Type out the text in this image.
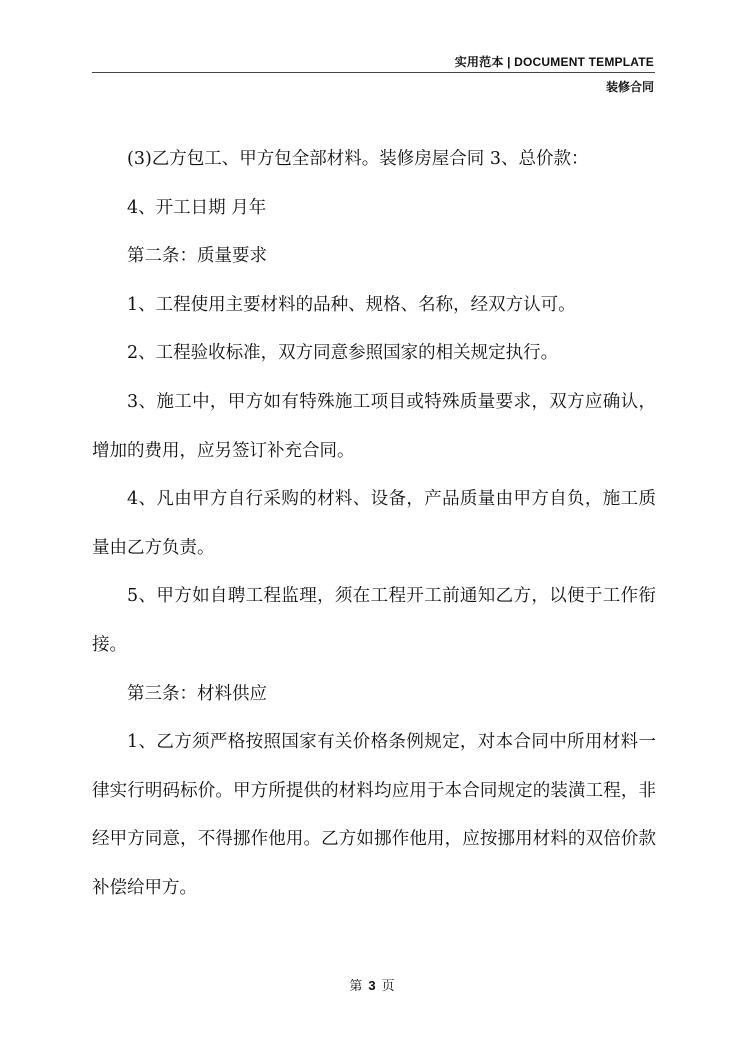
实用范本 | DOCUMENT TEMPLATE
装修合同

(3)乙方包工、甲方包全部材料。装修房屋合同 3、总价款：

4、开工日期 月年

第二条：质量要求

1、工程使用主要材料的品种、规格、名称，经双方认可。

2、工程验收标准，双方同意参照国家的相关规定执行。

3、施工中，甲方如有特殊施工项目或特殊质量要求，双方应确认，增加的费用，应另签订补充合同。

4、凡由甲方自行采购的材料、设备，产品质量由甲方自负，施工质量由乙方负责。

5、甲方如自聘工程监理，须在工程开工前通知乙方，以便于工作衔接。

第三条：材料供应

1、乙方须严格按照国家有关价格条例规定，对本合同中所用材料一律实行明码标价。甲方所提供的材料均应用于本合同规定的装潢工程，非经甲方同意，不得挪作他用。乙方如挪作他用，应按挪用材料的双倍价款补偿给甲方。

第 3 页
